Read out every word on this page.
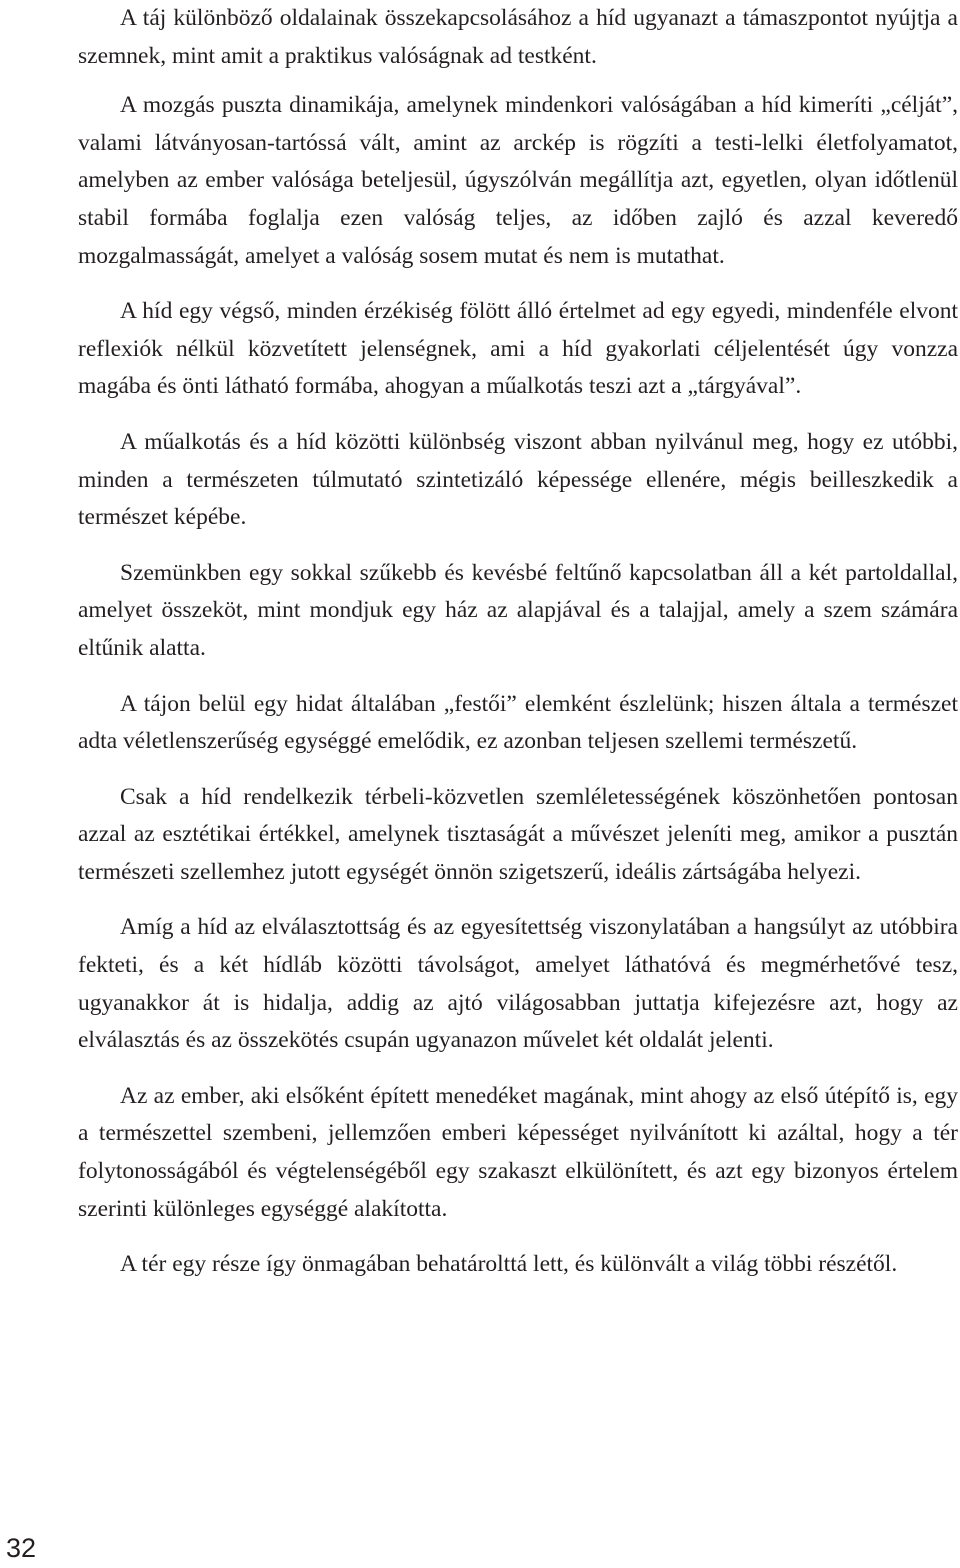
A táj különböző oldalainak összekapcsolásához a híd ugyanazt a támaszpontot nyújtja a szemnek, mint amit a praktikus valóságnak ad testként.

A mozgás puszta dinamikája, amelynek mindenkori valóságában a híd kimeríti „célját”, valami látványosan-tartóssá vált, amint az arckép is rögzíti a testi-lelki életfolyamatot, amelyben az ember valósága beteljesül, úgyszólván megállítja azt, egyetlen, olyan időtlenül stabil formába foglalja ezen valóság teljes, az időben zajló és azzal keveredő mozgalmasságát, amelyet a valóság sosem mutat és nem is mutathat.

A híd egy végső, minden érzékiség fölött álló értelmet ad egy egyedi, mindenféle elvont reflexiók nélkül közvetített jelenségnek, ami a híd gyakorlati céljelentését úgy vonzza magába és önti látható formába, ahogyan a műalkotás teszi azt a „tárgyával”.

A műalkotás és a híd közötti különbség viszont abban nyilvánul meg, hogy ez utóbbi, minden a természeten túlmutató szintetizáló képessége ellenére, mégis beilleszkedik a természet képébe.

Szemünkben egy sokkal szűkebb és kevésbé feltűnő kapcsolatban áll a két partoldallal, amelyet összeköt, mint mondjuk egy ház az alapjával és a talajjal, amely a szem számára eltűnik alatta.

A tájon belül egy hidat általában „festői” elemként észlelünk; hiszen általa a természet adta véletlenszerűség egységgé emelődik, ez azonban teljesen szellemi természetű.

Csak a híd rendelkezik térbeli-közvetlen szemléletességének köszönhetően pontosan azzal az esztétikai értékkel, amelynek tisztaságát a művészet jeleníti meg, amikor a pusztán természeti szellemhez jutott egységét önnön szigetszerű, ideális zártságába helyezi.

Amíg a híd az elválasztottság és az egyesítettség viszonylatában a hangsúlyt az utóbbira fekteti, és a két hídláb közötti távolságot, amelyet láthatóvá és megmérhetővé tesz, ugyanakkor át is hidalja, addig az ajtó világosabban juttatja kifejezésre azt, hogy az elválasztás és az összekötés csupán ugyanazon művelet két oldalát jelenti.

Az az ember, aki elsőként épített menedéket magának, mint ahogy az első útépítő is, egy a természettel szembeni, jellemzően emberi képességet nyilvánított ki azáltal, hogy a tér folytonosságából és végtelenségéből egy szakaszt elkülönített, és azt egy bizonyos értelem szerinti különleges egységgé alakította.

A tér egy része így önmagában behatárolttá lett, és különvált a világ többi részétől.

32
